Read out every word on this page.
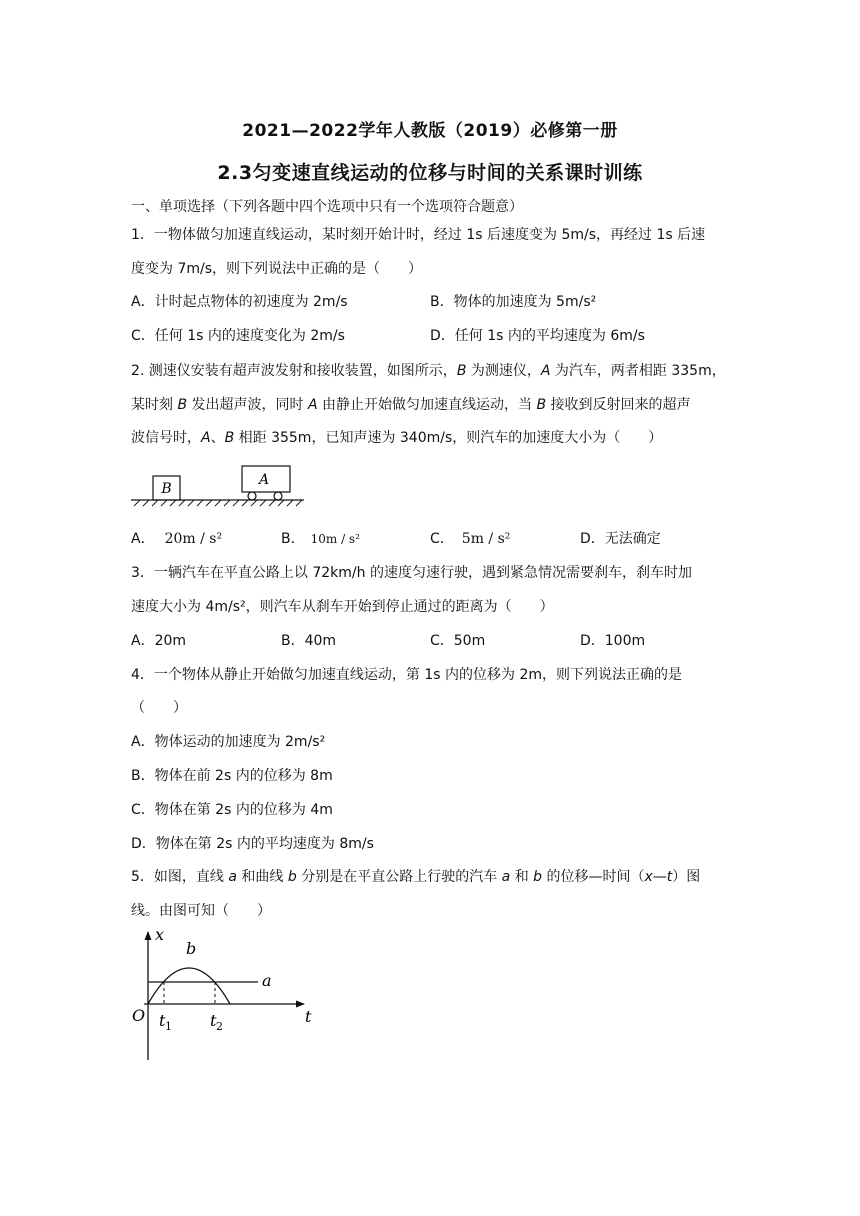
2021—2022学年人教版（2019）必修第一册
2.3匀变速直线运动的位移与时间的关系课时训练
一、单项选择（下列各题中四个选项中只有一个选项符合题意）
1．一物体做匀加速直线运动，某时刻开始计时，经过 1s 后速度变为 5m/s，再经过 1s 后速
度变为 7m/s，则下列说法中正确的是（　　）
A．计时起点物体的初速度为 2m/s	B．物体的加速度为 5m/s²
C．任何 1s 内的速度变化为 2m/s	D．任何 1s 内的平均速度为 6m/s
2. 测速仪安装有超声波发射和接收装置，如图所示，B 为测速仪，A 为汽车，两者相距 335m，
某时刻 B 发出超声波，同时 A 由静止开始做匀加速直线运动，当 B 接收到反射回来的超声
波信号时，A、B 相距 355m，已知声速为 340m/s，则汽车的加速度大小为（　　）
B
A
A． 20m / s²	B． 10m / s²	C． 5m / s²	D．无法确定
3．一辆汽车在平直公路上以 72km/h 的速度匀速行驶，遇到紧急情况需要刹车，刹车时加
速度大小为 4m/s²，则汽车从刹车开始到停止通过的距离为（　　）
A．20m	B．40m	C．50m	D．100m
4．一个物体从静止开始做匀加速直线运动，第 1s 内的位移为 2m，则下列说法正确的是
（　　）
A．物体运动的加速度为 2m/s²
B．物体在前 2s 内的位移为 8m
C．物体在第 2s 内的位移为 4m
D．物体在第 2s 内的平均速度为 8m/s
5．如图，直线 a 和曲线 b 分别是在平直公路上行驶的汽车 a 和 b 的位移—时间（x—t）图
线。由图可知（　　）
x
b
a
O	t
t 1 t 2
